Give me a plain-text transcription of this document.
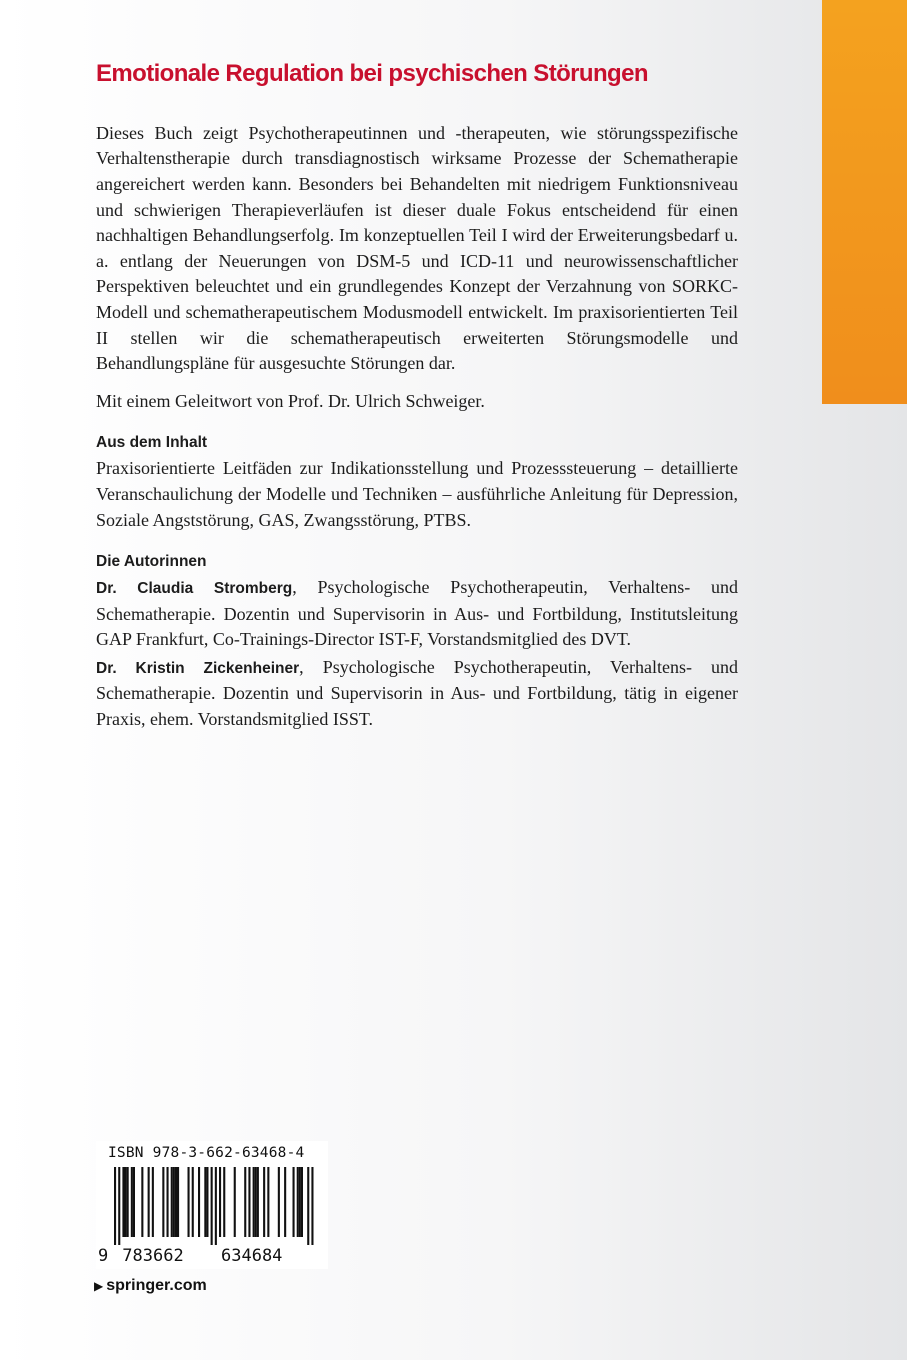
Emotionale Regulation bei psychischen Störungen

Dieses Buch zeigt Psychotherapeutinnen und -therapeuten, wie störungsspezifische Verhaltenstherapie durch transdiagnostisch wirksame Prozesse der Schematherapie angereichert werden kann. Besonders bei Behandelten mit niedrigem Funktionsniveau und schwierigen Therapieverläufen ist dieser duale Fokus entscheidend für einen nachhaltigen Behandlungserfolg. Im konzeptuellen Teil I wird der Erweiterungsbedarf u. a. entlang der Neuerungen von DSM-5 und ICD-11 und neurowissenschaftlicher Perspektiven beleuchtet und ein grundlegendes Konzept der Verzahnung von SORKC-Modell und schematherapeutischem Modusmodell entwickelt. Im praxisorientierten Teil II stellen wir die schematherapeutisch erweiterten Störungsmodelle und Behandlungspläne für ausgesuchte Störungen dar.

Mit einem Geleitwort von Prof. Dr. Ulrich Schweiger.

Aus dem Inhalt

Praxisorientierte Leitfäden zur Indikationsstellung und Prozesssteuerung – detaillierte Veranschaulichung der Modelle und Techniken – ausführliche Anleitung für Depression, Soziale Angststörung, GAS, Zwangsstörung, PTBS.

Die Autorinnen

Dr. Claudia Stromberg, Psychologische Psychotherapeutin, Verhaltens- und Schematherapie. Dozentin und Supervisorin in Aus- und Fortbildung, Institutsleitung GAP Frankfurt, Co-Trainings-Director IST-F, Vorstandsmitglied des DVT.

Dr. Kristin Zickenheiner, Psychologische Psychotherapeutin, Verhaltens- und Schematherapie. Dozentin und Supervisorin in Aus- und Fortbildung, tätig in eigener Praxis, ehem. Vorstandsmitglied ISST.

ISBN 978-3-662-63468-4
9 783662 634684
▶ springer.com
